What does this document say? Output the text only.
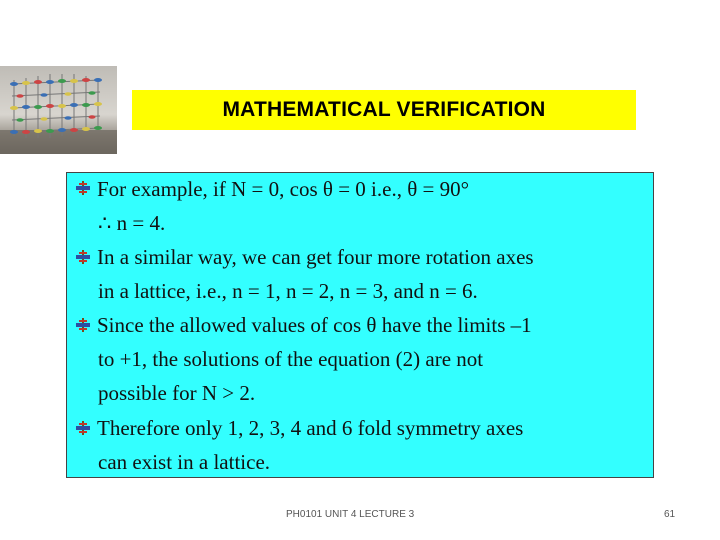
MATHEMATICAL VERIFICATION
For example, if N = 0, cos θ = 0 i.e., θ = 90°
∴ n = 4.
In a similar way, we can get four more rotation axes
in a lattice, i.e., n = 1, n = 2, n = 3, and n = 6.
Since the allowed values of cos θ have the limits –1
to +1, the solutions of the equation (2) are not
possible for N > 2.
Therefore only 1, 2, 3, 4 and 6 fold symmetry axes
can exist in a lattice.
PH0101 UNIT 4 LECTURE 3	61
